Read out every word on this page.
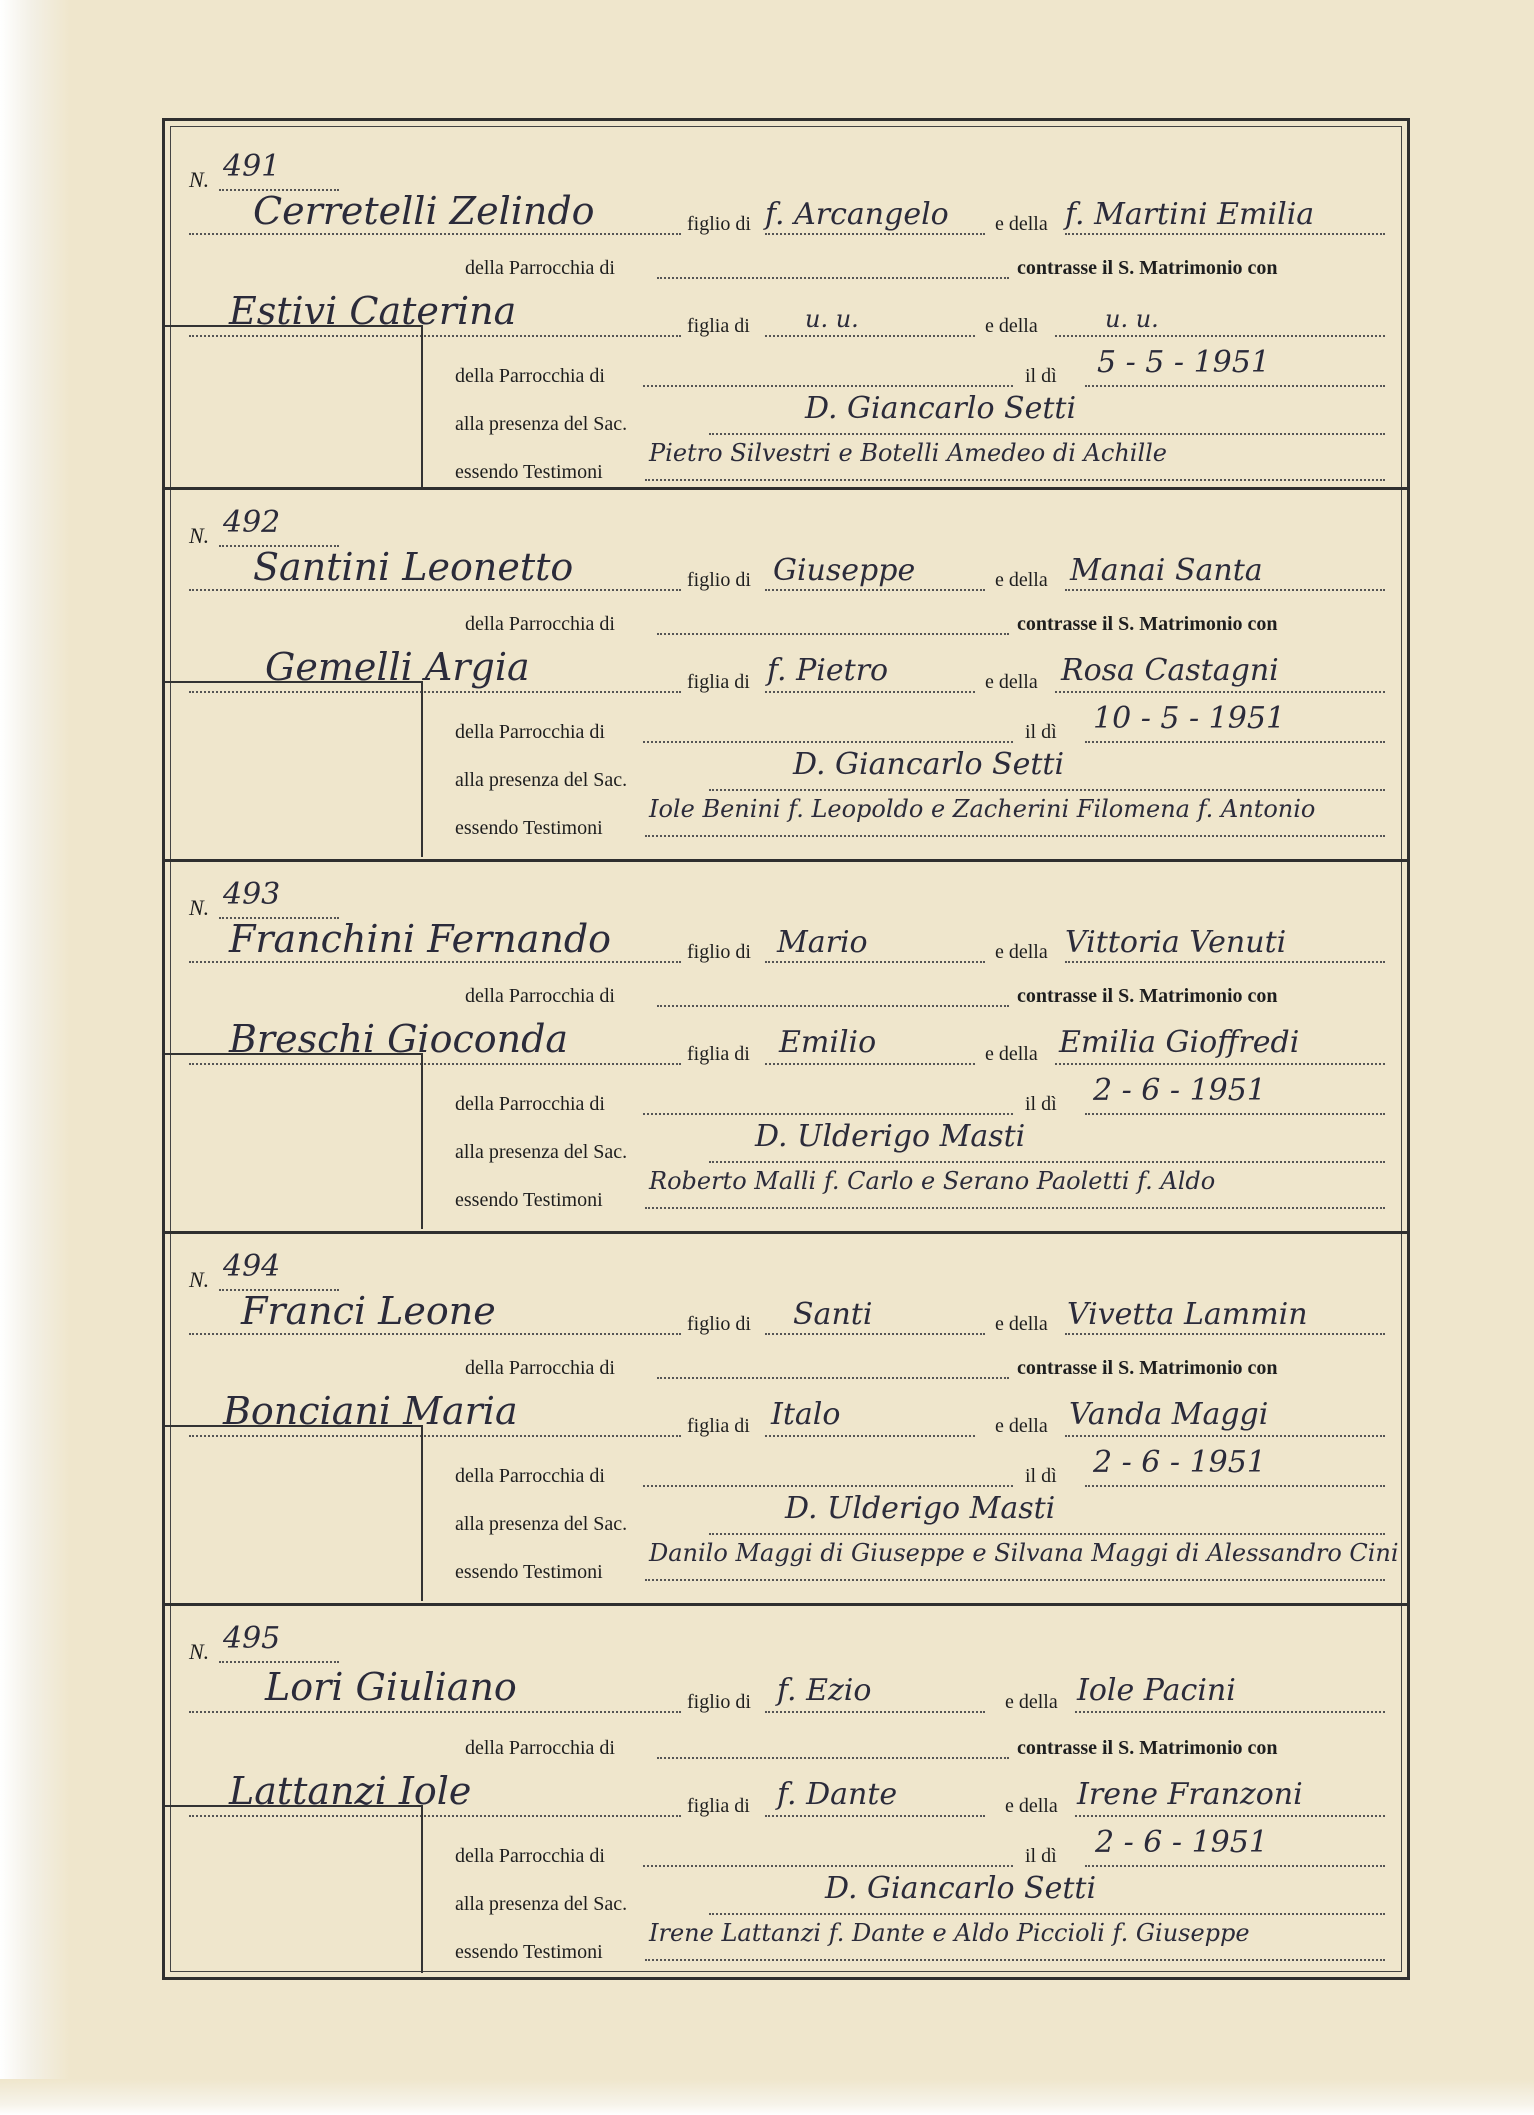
N. 491
Cerretelli Zelindo	figlio di f. Arcangelo e della f. Martini Emilia
della Parrocchia di	contrasse il S. Matrimonio con
Estivi Caterina	figlia di u. u.	e della	u. u.
della Parrocchia di	il dì 5 - 5 - 1951
alla presenza del Sac.	D. Giancarlo Setti
essendo Testimoni
Pietro Silvestri e Botelli Amedeo di Achille
N. 492
Santini Leonetto	figlio di Giuseppe	e della Manai Santa
della Parrocchia di	contrasse il S. Matrimonio con
Gemelli Argia	figlia di f. Pietro	e della Rosa Castagni
della Parrocchia di	il dì 10 - 5 - 1951
alla presenza del Sac.	D. Giancarlo Setti
essendo Testimoni
Iole Benini f. Leopoldo e Zacherini Filomena f. Antonio
N. 493
Franchini Fernando	figlio di Mario	e della Vittoria Venuti
della Parrocchia di	contrasse il S. Matrimonio con
Breschi Gioconda	figlia di Emilio	e della Emilia Gioffredi
della Parrocchia di	il dì 2 - 6 - 1951
alla presenza del Sac.	D. Ulderigo Masti
essendo Testimoni
Roberto Malli f. Carlo e Serano Paoletti f. Aldo
N. 494
Franci Leone	figlio di Santi	e della Vivetta Lammin
della Parrocchia di	contrasse il S. Matrimonio con
Bonciani Maria	figlia di Italo	e della Vanda Maggi
della Parrocchia di	il dì 2 - 6 - 1951
alla presenza del Sac.	D. Ulderigo Masti
essendo Testimoni
Danilo Maggi di Giuseppe e Silvana Maggi di Alessandro Cini
N. 495
Lori Giuliano	figlio di f. Ezio	e della Iole Pacini
della Parrocchia di	contrasse il S. Matrimonio con
Lattanzi Iole	figlia di f. Dante	e della Irene Franzoni
della Parrocchia di	il dì 2 - 6 - 1951
alla presenza del Sac.	D. Giancarlo Setti
essendo Testimoni
Irene Lattanzi f. Dante e Aldo Piccioli f. Giuseppe
